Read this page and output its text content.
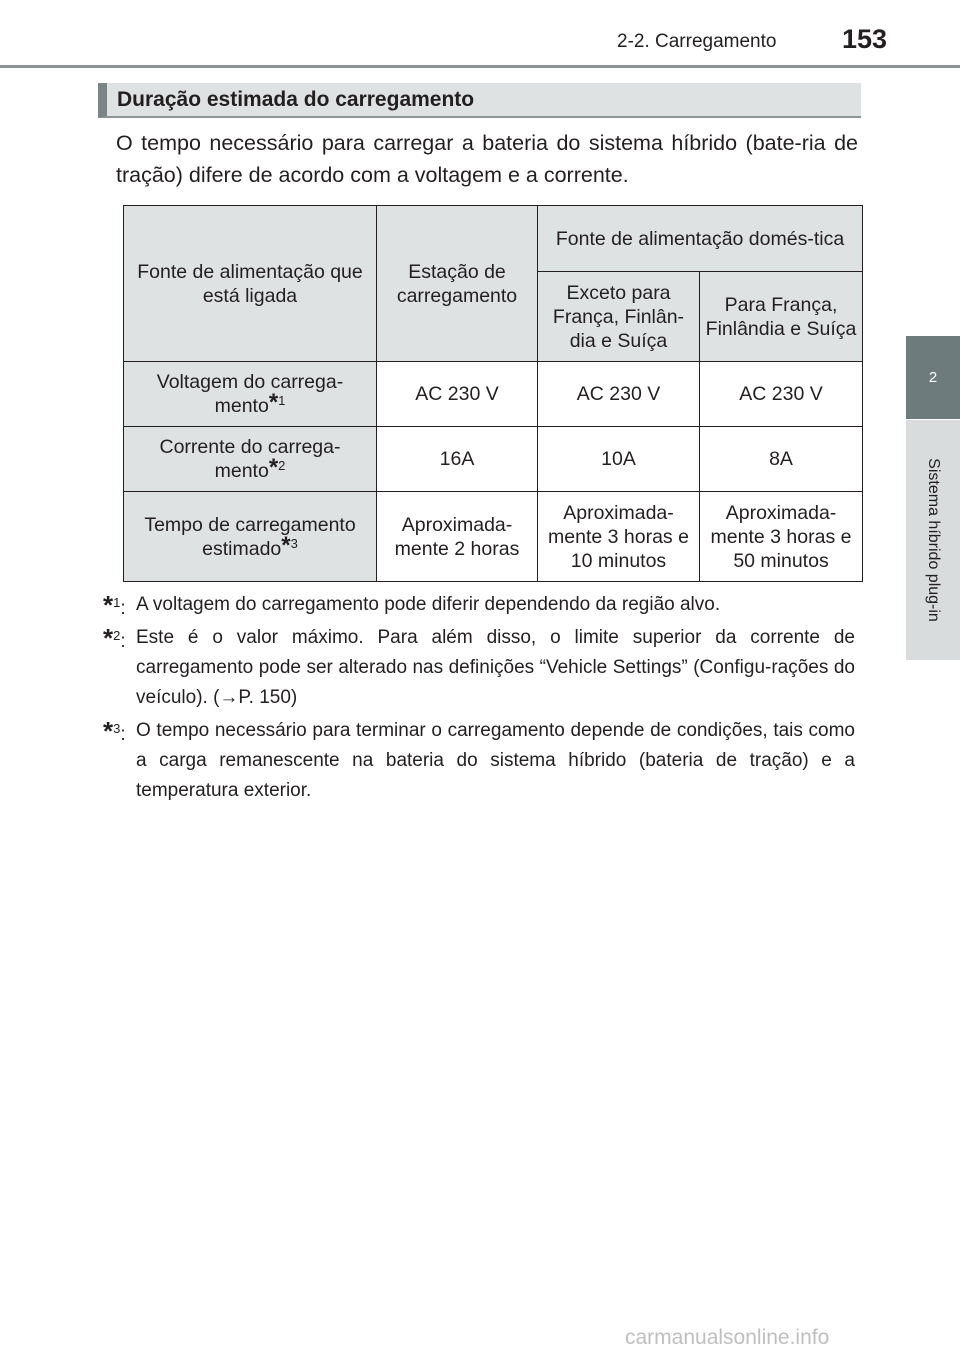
2-2. Carregamento 153
2
Sistema híbrido plug-in
Duração estimada do carregamento

O tempo necessário para carregar a bateria do sistema híbrido (bate-ria de tração) difere de acordo com a voltagem e a corrente.

Fonte de alimentação que está ligada	Estação de carregamento	Fonte de alimentação domés-tica	
		Exceto para França, Finlân-dia e Suíça	Para França, Finlândia e Suíça
Voltagem do carrega-mento*$^1$	AC 230 V	AC 230 V	AC 230 V
Corrente do carrega-mento*$^2$	16A	10A	8A
Tempo de carregamento estimado*$^3$	Aproximada-mente 2 horas	Aproximada-mente 3 horas e 10 minutos	Aproximada-mente 3 horas e 50 minutos
*$^1$: A voltagem do carregamento pode diferir dependendo da região alvo.
*$^2$: Este é o valor máximo. Para além disso, o limite superior da corrente de carregamento pode ser alterado nas definições “Vehicle Settings” (Configu-rações do veículo). (→P. 150)
*$^3$: O tempo necessário para terminar o carregamento depende de condições, tais como a carga remanescente na bateria do sistema híbrido (bateria de tração) e a temperatura exterior.
carmanualsonline.info
